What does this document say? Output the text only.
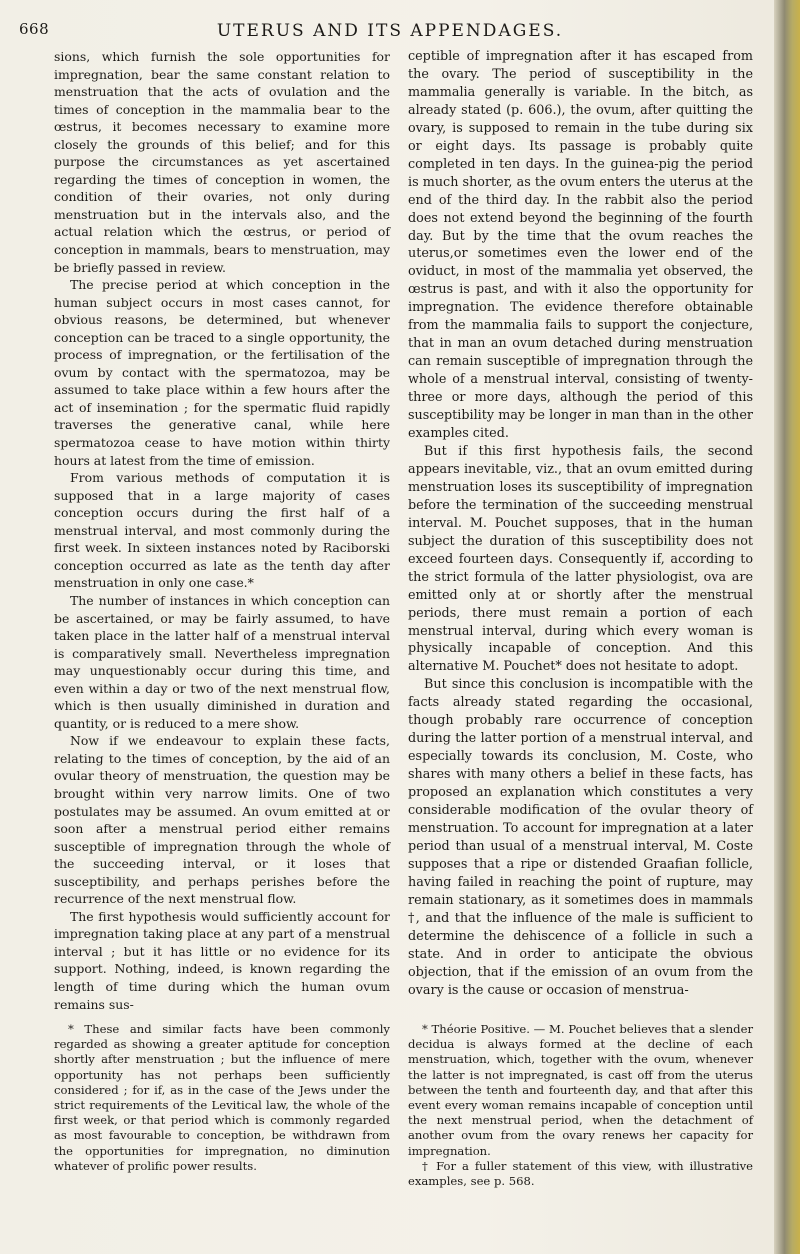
668	UTERUS AND ITS APPENDAGES.

sions, which furnish the sole opportunities for impregnation, bear the same constant relation to menstruation that the acts of ovulation and the times of conception in the mammalia bear to the œstrus, it becomes necessary to examine more closely the grounds of this belief; and for this purpose the circumstances as yet ascertained regarding the times of conception in women, the condition of their ovaries, not only during menstruation but in the intervals also, and the actual relation which the œstrus, or period of conception in mammals, bears to menstruation, may be briefly passed in review.

The precise period at which conception in the human subject occurs in most cases cannot, for obvious reasons, be determined, but whenever conception can be traced to a single opportunity, the process of impregnation, or the fertilisation of the ovum by contact with the spermatozoa, may be assumed to take place within a few hours after the act of insemination ; for the spermatic fluid rapidly traverses the generative canal, while here spermatozoa cease to have motion within thirty hours at latest from the time of emission.

From various methods of computation it is supposed that in a large majority of cases conception occurs during the first half of a menstrual interval, and most commonly during the first week. In sixteen instances noted by Raciborski conception occurred as late as the tenth day after menstruation in only one case.*

The number of instances in which conception can be ascertained, or may be fairly assumed, to have taken place in the latter half of a menstrual interval is comparatively small. Nevertheless impregnation may unquestionably occur during this time, and even within a day or two of the next menstrual flow, which is then usually diminished in duration and quantity, or is reduced to a mere show.

Now if we endeavour to explain these facts, relating to the times of conception, by the aid of an ovular theory of menstruation, the question may be brought within very narrow limits. One of two postulates may be assumed. An ovum emitted at or soon after a menstrual period either remains susceptible of impregnation through the whole of the succeeding interval, or it loses that susceptibility, and perhaps perishes before the recurrence of the next menstrual flow.

The first hypothesis would sufficiently account for impregnation taking place at any part of a menstrual interval ; but it has little or no evidence for its support. Nothing, indeed, is known regarding the length of time during which the human ovum remains sus-

ceptible of impregnation after it has escaped from the ovary. The period of susceptibility in the mammalia generally is variable. In the bitch, as already stated (p. 606.), the ovum, after quitting the ovary, is supposed to remain in the tube during six or eight days. Its passage is probably quite completed in ten days. In the guinea-pig the period is much shorter, as the ovum enters the uterus at the end of the third day. In the rabbit also the period does not extend beyond the beginning of the fourth day. But by the time that the ovum reaches the uterus,or sometimes even the lower end of the oviduct, in most of the mammalia yet observed, the œstrus is past, and with it also the opportunity for impregnation. The evidence therefore obtainable from the mammalia fails to support the conjecture, that in man an ovum detached during menstruation can remain susceptible of impregnation through the whole of a menstrual interval, consisting of twenty-three or more days, although the period of this susceptibility may be longer in man than in the other examples cited.

But if this first hypothesis fails, the second appears inevitable, viz., that an ovum emitted during menstruation loses its susceptibility of impregnation before the termination of the succeeding menstrual interval. M. Pouchet supposes, that in the human subject the duration of this susceptibility does not exceed fourteen days. Consequently if, according to the strict formula of the latter physiologist, ova are emitted only at or shortly after the menstrual periods, there must remain a portion of each menstrual interval, during which every woman is physically incapable of conception. And this alternative M. Pouchet* does not hesitate to adopt.

But since this conclusion is incompatible with the facts already stated regarding the occasional, though probably rare occurrence of conception during the latter portion of a menstrual interval, and especially towards its conclusion, M. Coste, who shares with many others a belief in these facts, has proposed an explanation which constitutes a very considerable modification of the ovular theory of menstruation. To account for impregnation at a later period than usual of a menstrual interval, M. Coste supposes that a ripe or distended Graafian follicle, having failed in reaching the point of rupture, may remain stationary, as it sometimes does in mammals †, and that the influence of the male is sufficient to determine the dehiscence of a follicle in such a state. And in order to anticipate the obvious objection, that if the emission of an ovum from the ovary is the cause or occasion of menstrua-

* These and similar facts have been commonly regarded as showing a greater aptitude for conception shortly after menstruation ; but the influence of mere opportunity has not perhaps been sufficiently considered ; for if, as in the case of the Jews under the strict requirements of the Levitical law, the whole of the first week, or that period which is commonly regarded as most favourable to conception, be withdrawn from the opportunities for impregnation, no diminution whatever of prolific power results.

* Théorie Positive. — M. Pouchet believes that a slender decidua is always formed at the decline of each menstruation, which, together with the ovum, whenever the latter is not impregnated, is cast off from the uterus between the tenth and fourteenth day, and that after this event every woman remains incapable of conception until the next menstrual period, when the detachment of another ovum from the ovary renews her capacity for impregnation.

† For a fuller statement of this view, with illustrative examples, see p. 568.
